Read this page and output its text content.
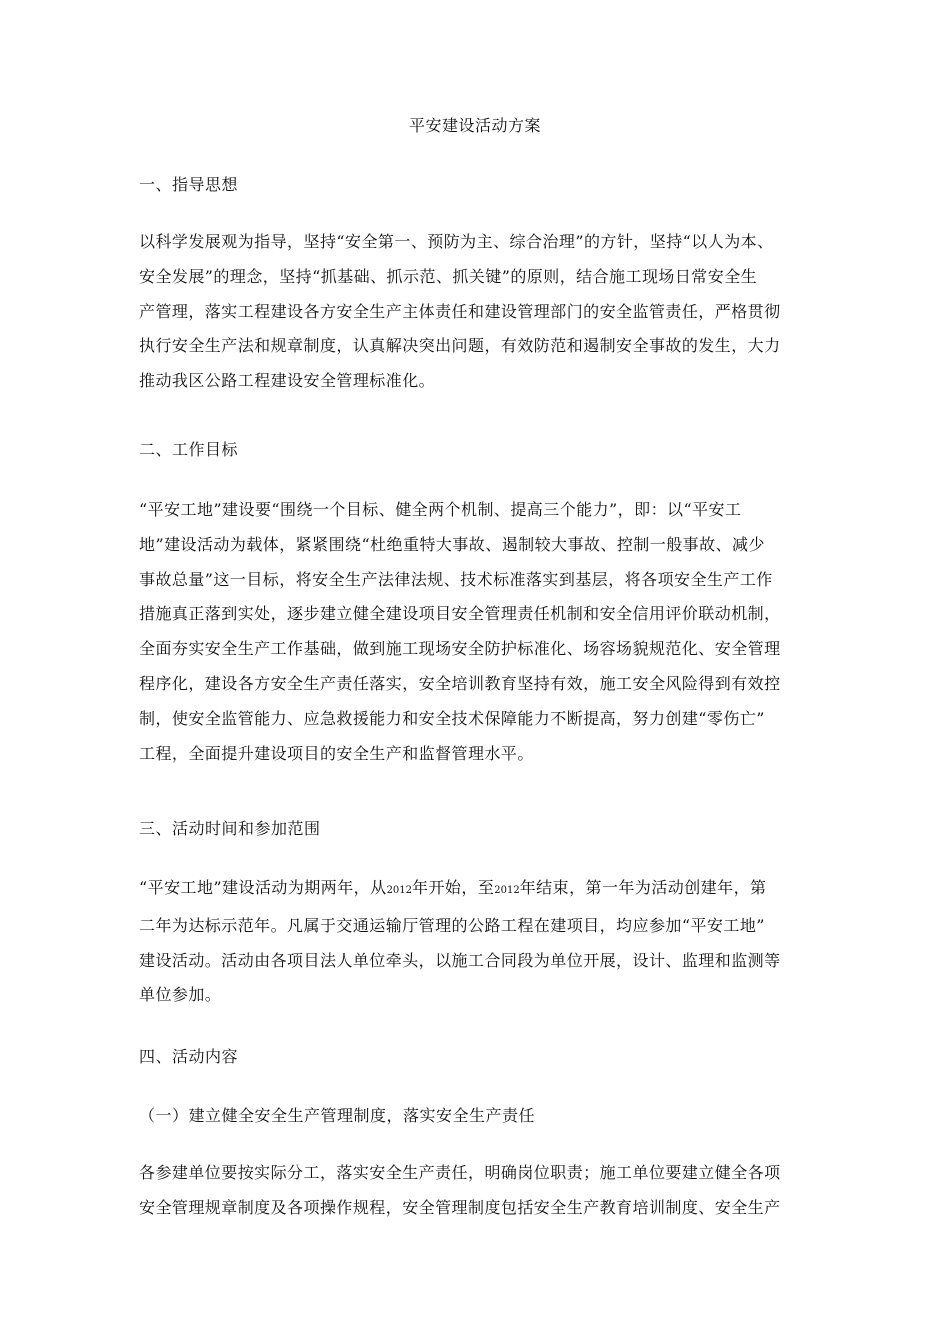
平安建设活动方案
一、指导思想
以科学发展观为指导，坚持“安全第一、预防为主、综合治理”的方针，坚持“以人为本、
安全发展”的理念，坚持“抓基础、抓示范、抓关键”的原则，结合施工现场日常安全生
产管理，落实工程建设各方安全生产主体责任和建设管理部门的安全监管责任，严格贯彻
执行安全生产法和规章制度，认真解决突出问题，有效防范和遏制安全事故的发生，大力
推动我区公路工程建设安全管理标准化。
二、工作目标
“平安工地”建设要“围绕一个目标、健全两个机制、提高三个能力”，即：以“平安工
地”建设活动为载体，紧紧围绕“杜绝重特大事故、遏制较大事故、控制一般事故、减少
事故总量”这一目标，将安全生产法律法规、技术标准落实到基层，将各项安全生产工作
措施真正落到实处，逐步建立健全建设项目安全管理责任机制和安全信用评价联动机制，
全面夯实安全生产工作基础，做到施工现场安全防护标准化、场容场貌规范化、安全管理
程序化，建设各方安全生产责任落实，安全培训教育坚持有效，施工安全风险得到有效控
制，使安全监管能力、应急救援能力和安全技术保障能力不断提高，努力创建“零伤亡”
工程，全面提升建设项目的安全生产和监督管理水平。
三、活动时间和参加范围
“平安工地”建设活动为期两年，从2012年开始，至2012年结束，第一年为活动创建年，第
二年为达标示范年。凡属于交通运输厅管理的公路工程在建项目，均应参加“平安工地”
建设活动。活动由各项目法人单位牵头，以施工合同段为单位开展，设计、监理和监测等
单位参加。
四、活动内容
（一）建立健全安全生产管理制度，落实安全生产责任
各参建单位要按实际分工，落实安全生产责任，明确岗位职责；施工单位要建立健全各项
安全管理规章制度及各项操作规程，安全管理制度包括安全生产教育培训制度、安全生产
